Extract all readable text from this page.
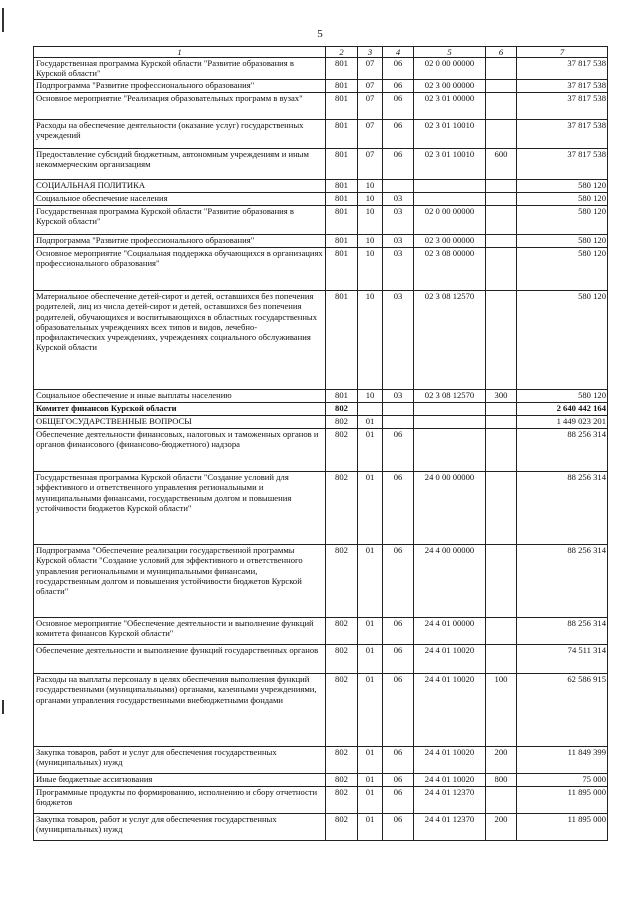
5
1	2	3	4	5	6	7
Государственная программа Курской области "Развитие образования в Курской области"	801	07	06	02 0 00 00000		37 817 538
Подпрограмма "Развитие профессионального образования"	801	07	06	02 3 00 00000		37 817 538
Основное мероприятие "Реализация образовательных программ в вузах"	801	07	06	02 3 01 00000		37 817 538
Расходы на обеспечение деятельности (оказание услуг) государственных учреждений	801	07	06	02 3 01 10010		37 817 538
Предоставление субсидий бюджетным, автономным учреждениям и иным некоммерческим организациям	801	07	06	02 3 01 10010	600	37 817 538
СОЦИАЛЬНАЯ ПОЛИТИКА	801	10				580 120
Социальное обеспечение населения	801	10	03			580 120
Государственная программа Курской области "Развитие образования в Курской области"	801	10	03	02 0 00 00000		580 120
Подпрограмма "Развитие профессионального образования"	801	10	03	02 3 00 00000		580 120
Основное мероприятие "Социальная поддержка обучающихся в организациях профессионального образования"	801	10	03	02 3 08 00000		580 120
Материальное обеспечение детей-сирот и детей, оставшихся без попечения родителей, лиц из числа детей-сирот и детей, оставшихся без попечения родителей, обучающихся и воспитывающихся в областных государственных образовательных учреждениях всех типов и видов, лечебно-профилактических учреждениях, учреждениях социального обслуживания Курской области	801	10	03	02 3 08 12570		580 120
Социальное обеспечение и иные выплаты населению	801	10	03	02 3 08 12570	300	580 120
Комитет финансов Курской области	802					2 640 442 164
ОБЩЕГОСУДАРСТВЕННЫЕ ВОПРОСЫ	802	01				1 449 023 201
Обеспечение деятельности финансовых, налоговых и таможенных органов и органов финансового (финансово-бюджетного) надзора	802	01	06			88 256 314
Государственная программа Курской области "Создание условий для эффективного и ответственного управления региональными и муниципальными финансами, государственным долгом и повышения устойчивости бюджетов Курской области"	802	01	06	24 0 00 00000		88 256 314
Подпрограмма "Обеспечение реализации государственной программы Курской области "Создание условий для эффективного и ответственного управления региональными и муниципальными финансами, государственным долгом и повышения устойчивости бюджетов Курской области"	802	01	06	24 4 00 00000		88 256 314
Основное мероприятие "Обеспечение деятельности и выполнение функций комитета финансов Курской области"	802	01	06	24 4 01 00000		88 256 314
Обеспечение деятельности и выполнение функций государственных органов	802	01	06	24 4 01 10020		74 511 314
Расходы на выплаты персоналу в целях обеспечения выполнения функций государственными (муниципальными) органами, казенными учреждениями, органами управления государственными внебюджетными фондами	802	01	06	24 4 01 10020	100	62 586 915
Закупка товаров, работ и услуг для обеспечения государственных (муниципальных) нужд	802	01	06	24 4 01 10020	200	11 849 399
Иные бюджетные ассигнования	802	01	06	24 4 01 10020	800	75 000
Программные продукты по формированию, исполнению и сбору отчетности бюджетов	802	01	06	24 4 01 12370		11 895 000
Закупка товаров, работ и услуг для обеспечения государственных (муниципальных) нужд	802	01	06	24 4 01 12370	200	11 895 000
